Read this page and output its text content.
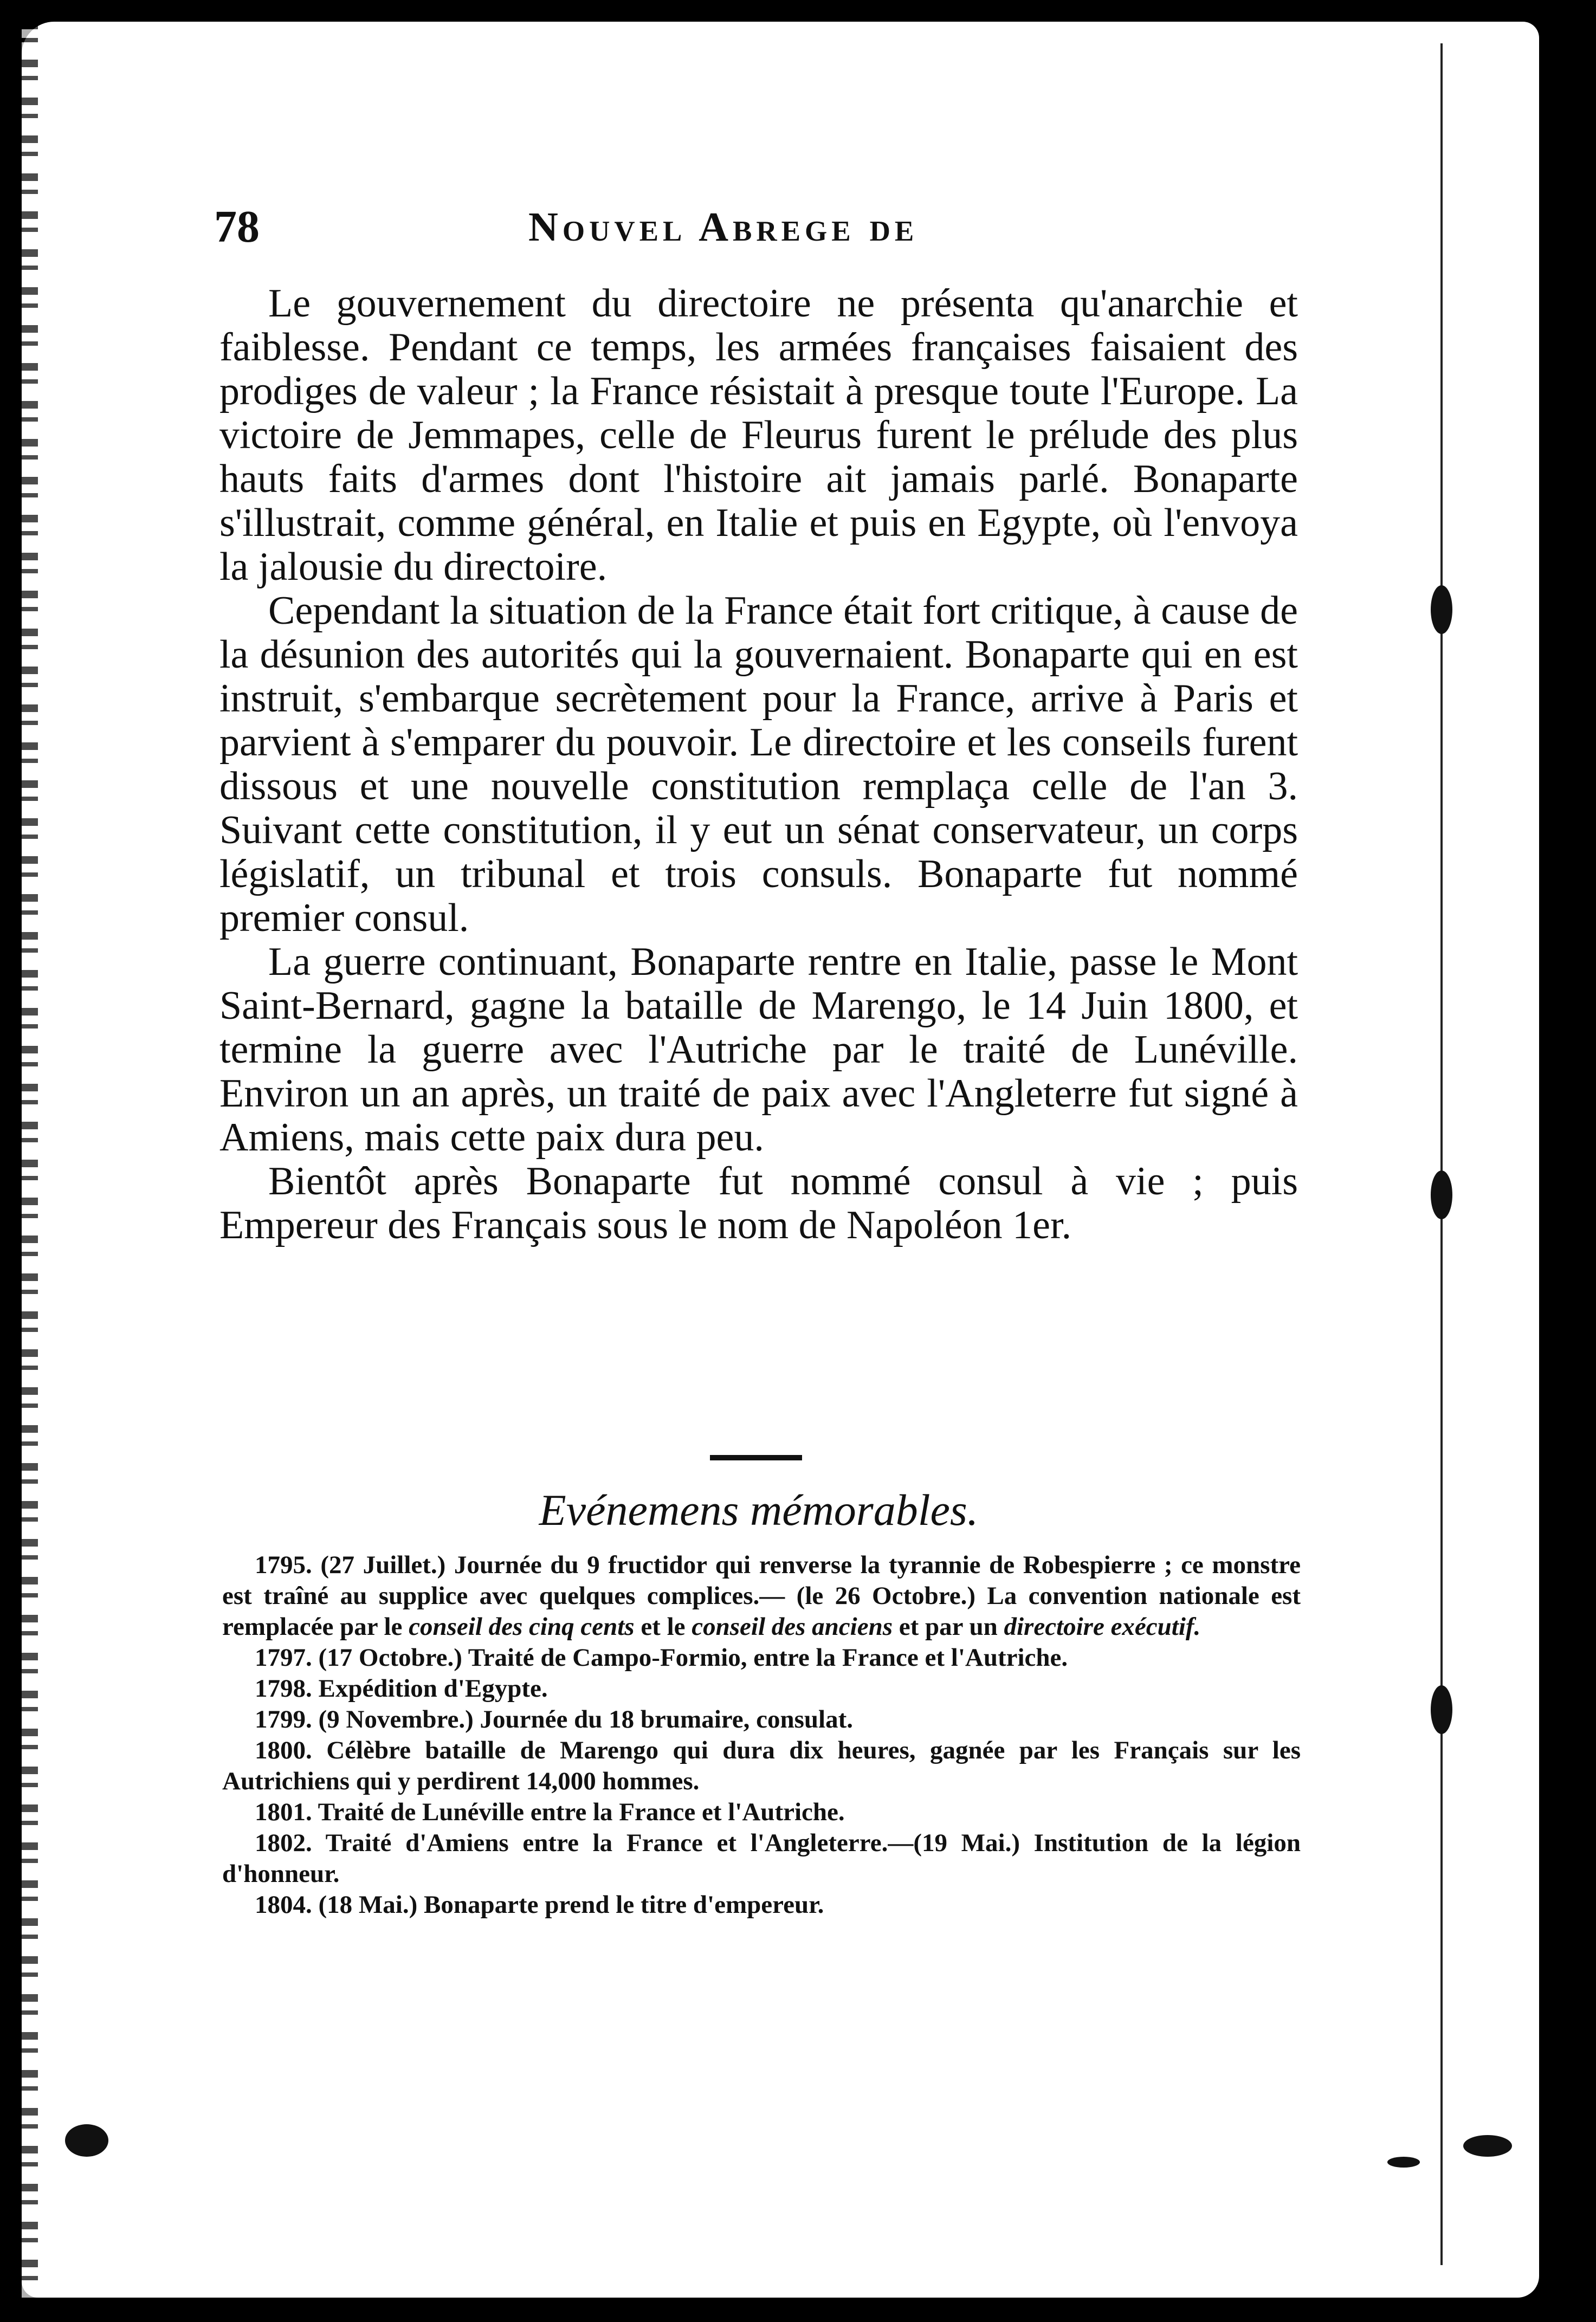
78	Nouvel Abrege de

Le gouvernement du directoire ne présenta qu'anarchie et faiblesse. Pendant ce temps, les armées françaises faisaient des prodiges de valeur ; la France résistait à presque toute l'Europe. La victoire de Jemmapes, celle de Fleurus furent le prélude des plus hauts faits d'armes dont l'histoire ait jamais parlé. Bonaparte s'illustrait, comme général, en Italie et puis en Egypte, où l'envoya la jalousie du directoire.

Cependant la situation de la France était fort critique, à cause de la désunion des autorités qui la gouvernaient. Bonaparte qui en est instruit, s'embarque secrètement pour la France, arrive à Paris et parvient à s'emparer du pouvoir. Le directoire et les conseils furent dissous et une nouvelle constitution remplaça celle de l'an 3. Suivant cette constitution, il y eut un sénat conservateur, un corps législatif, un tribunal et trois consuls. Bonaparte fut nommé premier consul.

La guerre continuant, Bonaparte rentre en Italie, passe le Mont Saint-Bernard, gagne la bataille de Marengo, le 14 Juin 1800, et termine la guerre avec l'Autriche par le traité de Lunéville. Environ un an après, un traité de paix avec l'Angleterre fut signé à Amiens, mais cette paix dura peu.

Bientôt après Bonaparte fut nommé consul à vie ; puis Empereur des Français sous le nom de Napoléon 1er.

Evénemens mémorables.

1795. (27 Juillet.) Journée du 9 fructidor qui renverse la tyrannie de Robespierre ; ce monstre est traîné au supplice avec quelques complices.— (le 26 Octobre.) La convention nationale est remplacée par le conseil des cinq cents et le conseil des anciens et par un directoire exécutif.

1797. (17 Octobre.) Traité de Campo-Formio, entre la France et l'Autriche.

1798. Expédition d'Egypte.

1799. (9 Novembre.) Journée du 18 brumaire, consulat.

1800. Célèbre bataille de Marengo qui dura dix heures, gagnée par les Français sur les Autrichiens qui y perdirent 14,000 hommes.

1801. Traité de Lunéville entre la France et l'Autriche.

1802. Traité d'Amiens entre la France et l'Angleterre.—(19 Mai.) Institution de la légion d'honneur.

1804. (18 Mai.) Bonaparte prend le titre d'empereur.
